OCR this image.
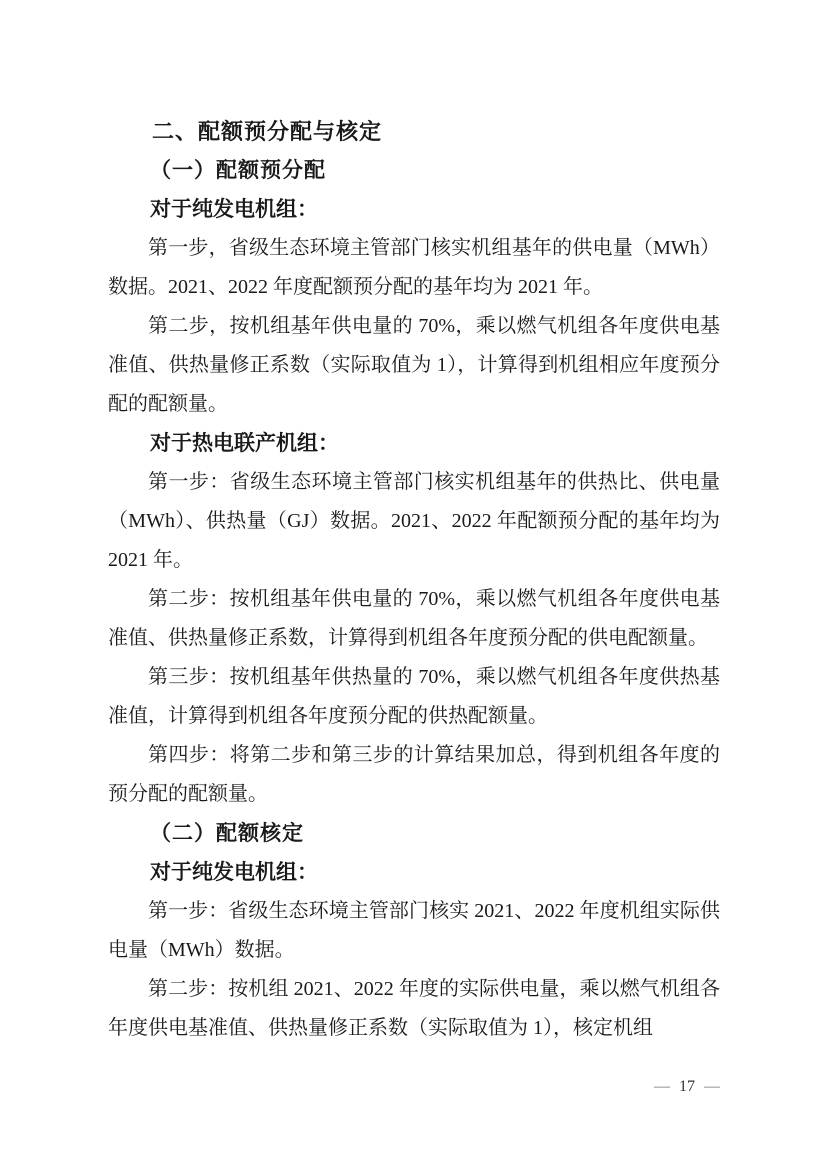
二、配额预分配与核定

（一）配额预分配

对于纯发电机组：

第一步，省级生态环境主管部门核实机组基年的供电量（MWh）数据。2021、2022 年度配额预分配的基年均为 2021 年。

第二步，按机组基年供电量的 70%，乘以燃气机组各年度供电基准值、供热量修正系数（实际取值为 1），计算得到机组相应年度预分配的配额量。

对于热电联产机组：

第一步：省级生态环境主管部门核实机组基年的供热比、供电量（MWh）、供热量（GJ）数据。2021、2022 年配额预分配的基年均为 2021 年。

第二步：按机组基年供电量的 70%，乘以燃气机组各年度供电基准值、供热量修正系数，计算得到机组各年度预分配的供电配额量。

第三步：按机组基年供热量的 70%，乘以燃气机组各年度供热基准值，计算得到机组各年度预分配的供热配额量。

第四步：将第二步和第三步的计算结果加总，得到机组各年度的预分配的配额量。

（二）配额核定

对于纯发电机组：

第一步：省级生态环境主管部门核实 2021、2022 年度机组实际供电量（MWh）数据。

第二步：按机组 2021、2022 年度的实际供电量，乘以燃气机组各年度供电基准值、供热量修正系数（实际取值为 1），核定机组

— 17 —
